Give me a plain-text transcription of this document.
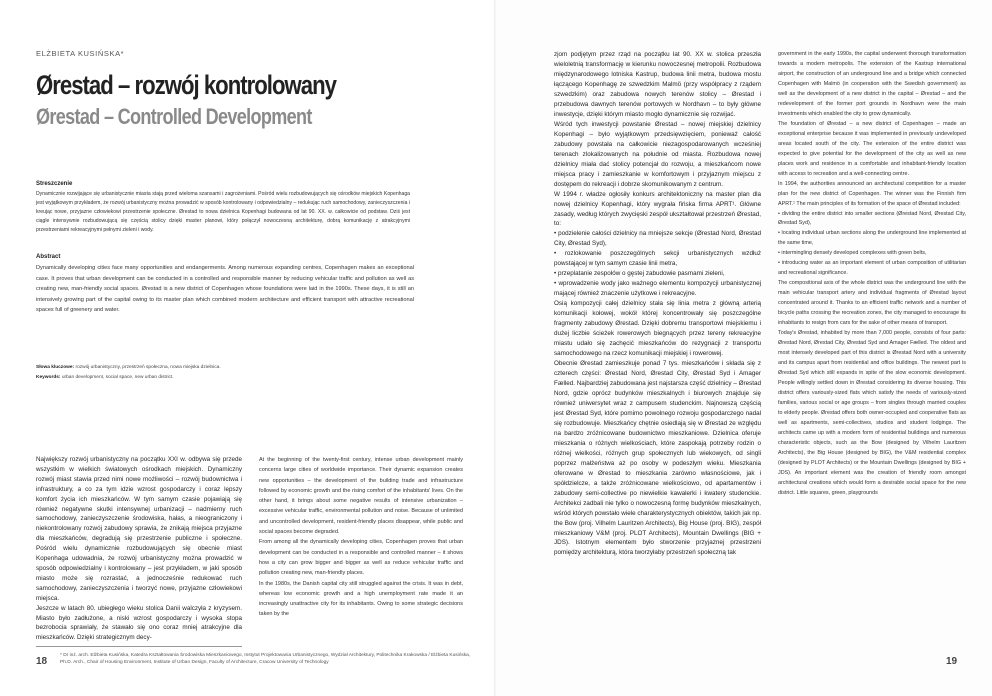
ELŻBIETA KUSIŃSKA*
Ørestad – rozwój kontrolowany
Ørestad – Controlled Development
Streszczenie
Dynamicznie rozwijające się urbanistycznie miasta stają przed wieloma szansami i zagrożeniami. Pośród wielu rozbudowujących się ośrodków miejskich Kopenhaga jest wyjątkowym przykładem, że rozwój urbanistyczny można prowadzić w sposób kontrolowany i odpowiedzialny – redukując ruch samochodowy, zanieczyszczenia i kreując nowe, przyjazne człowiekowi przestrzenie społeczne. Ørestad to nowa dzielnica Kopenhagi budowana od lat 90. XX. w. całkowicie od podstaw. Dziś jest ciągle intensywnie rozbudowującą się częścią stolicy dzięki master planowi, który połączył nowoczesną architekturę, dobrą komunikację z atrakcyjnymi przestrzeniami rekreacyjnymi pełnymi zieleni i wody.
Abstract
Dynamically developing cities face many opportunities and endangerments. Among numerous expanding centres, Copenhagen makes an exceptional case. It proves that urban development can be conducted in a controlled and responsible manner by reducing vehicular traffic and pollution as well as creating new, man-friendly social spaces. Ørestad is a new district of Copenhagen whose foundations were laid in the 1990s. These days, it is still an intensively growing part of the capital owing to its master plan which combined modern architecture and efficient transport with attractive recreational spaces full of greenery and water.
Słowa kluczowe: rozwój urbanistyczny, przestrzeń społeczna, nowa miejska dzielnica.
Keywords: urban development, social space, new urban district.

Największy rozwój urbanistyczny na początku XXI w. odbywa się przede wszystkim w wielkich światowych ośrodkach miejskich. Dynamiczny rozwój miast stawia przed nimi nowe możliwości – rozwój budownictwa i infrastruktury, a co za tym idzie wzrost gospodarczy i coraz lepszy komfort życia ich mieszkańców. W tym samym czasie pojawiają się również negatywne skutki intensywnej urbanizacji – nadmierny ruch samochodowy, zanieczyszczenie środowiska, hałas, a nieograniczony i niekontrolowany rozwój zabudowy sprawia, że znikają miejsca przyjazne dla mieszkańców, degradują się przestrzenie publiczne i społeczne. Pośród wielu dynamicznie rozbudowujących się obecnie miast Kopenhaga udowadnia, że rozwój urbanistyczny można prowadzić w sposób odpowiedzialny i kontrolowany – jest przykładem, w jaki sposób miasto może się rozrastać, a jednocześnie redukować ruch samochodowy, zanieczyszczenia i tworzyć nowe, przyjazne człowiekowi miejsca.
Jeszcze w latach 80. ubiegłego wieku stolica Danii walczyła z kryzysem. Miasto było zadłużone, a niski wzrost gospodarczy i wysoka stopa bezrobocia sprawiały, że stawało się ono coraz mniej atrakcyjne dla mieszkańców. Dzięki strategicznym decy-

At the beginning of the twenty-first century, intense urban development mainly concerns large cities of worldwide importance. Their dynamic expansion creates new opportunities – the development of the building trade and infrastructure followed by economic growth and the rising comfort of the inhabitants' lives. On the other hand, it brings about some negative results of intensive urbanization – excessive vehicular traffic, environmental pollution and noise. Because of unlimited and uncontrolled development, resident-friendly places disappear, while public and social spaces become degraded.
From among all the dynamically developing cities, Copenhagen proves that urban development can be conducted in a responsible and controlled manner – it shows how a city can grow bigger and bigger as well as reduce vehicular traffic and pollution creating new, man-friendly places.
In the 1980s, the Danish capital city still struggled against the crisis. It was in debt, whereas low economic growth and a high unemployment rate made it an increasingly unattractive city for its inhabitants. Owing to some strategic decisions taken by the

* Dr inż. arch. Elżbieta Kusińska, Katedra Kształtowania Środowiska Mieszkaniowego, Instytut Projektowania Urbanistycznego, Wydział Architektury, Politechnika Krakowska / Elżbieta Kusińska, Ph.D. Arch., Chair of Housing Environment, Institute of Urban Design, Faculty of Architecture, Cracow University of Technology
18

zjom podjętym przez rząd na początku lat 90. XX w. stolica przeszła wieloletnią transformację w kierunku nowoczesnej metropolii. Rozbudowa międzynarodowego lotniska Kastrup, budowa linii metra, budowa mostu łączącego Kopenhagę ze szwedzkim Malmö (przy współpracy z rządem szwedzkim) oraz zabudowa nowych terenów stolicy – Ørestad i przebudowa dawnych terenów portowych w Nordhavn – to były główne inwestycje, dzięki którym miasto mogło dynamicznie się rozwijać.
Wśród tych inwestycji powstanie Ørestad – nowej miejskiej dzielnicy Kopenhagi – było wyjątkowym przedsięwzięciem, ponieważ całość zabudowy powstała na całkowicie niezagospodarowanych wcześniej terenach zlokalizowanych na południe od miasta. Rozbudowa nowej dzielnicy miała dać stolicy potencjał do rozwoju, a mieszkańcom nowe miejsca pracy i zamieszkanie w komfortowym i przyjaznym miejscu z dostępem do rekreacji i dobrze skomunikowanym z centrum.
W 1994 r. władze ogłosiły konkurs architektoniczny na master plan dla nowej dzielnicy Kopenhagi, który wygrała fińska firma APRT¹. Główne zasady, według których zwycięski zespół ukształtował przestrzeń Ørestad, to:
• podzielenie całości dzielnicy na mniejsze sekcje (Ørestad Nord, Ørestad City, Ørestad Syd),
• rozlokowanie poszczególnych sekcji urbanistycznych wzdłuż powstającej w tym samym czasie linii metra,
• przeplatanie zespołów o gęstej zabudowie pasmami zieleni,
• wprowadzenie wody jako ważnego elementu kompozycji urbanistycznej mającej również znaczenie użytkowe i rekreacyjne.
Osią kompozycji całej dzielnicy stała się linia metra z główną arterią komunikacji kołowej, wokół której koncentrowały się poszczególne fragmenty zabudowy Ørestad. Dzięki dobremu transportowi miejskiemu i dużej liczbie ścieżek rowerowych biegnących przez tereny rekreacyjne miastu udało się zachęcić mieszkańców do rezygnacji z transportu samochodowego na rzecz komunikacji miejskiej i rowerowej.
Obecnie Ørestad zamieszkuje ponad 7 tys. mieszkańców i składa się z czterech części: Ørestad Nord, Ørestad City, Ørestad Syd i Amager Fælled. Najbardziej zabudowana jest najstarsza część dzielnicy – Ørestad Nord, gdzie oprócz budynków mieszkalnych i biurowych znajduje się również uniwersytet wraz z campusem studenckim. Najnowszą częścią jest Ørestad Syd, które pomimo powolnego rozwoju gospodarczego nadal się rozbudowuje. Mieszkańcy chętnie osiedlają się w Ørestad ze względu na bardzo zróżnicowane budownictwo mieszkaniowe. Dzielnica oferuje mieszkania o różnych wielkościach, które zaspokają potrzeby rodzin o różnej wielkości, różnych grup społecznych lub wiekowych, od singli poprzez małżeństwa aż po osoby w podeszłym wieku. Mieszkania oferowane w Ørestad to mieszkania zarówno własnościowe, jak i spółdzielcze, a także zróżnicowane wielkościowo, od apartamentów i zabudowy semi-collective po niewielkie kawalerki i kwatery studenckie. Architekci zadbali nie tylko o nowoczesną formę budynków mieszkalnych, wśród których powstało wiele charakterystycznych obiektów, takich jak np. the Bow (proj. Vilhelm Lauritzen Architects), Big House (proj. BIG), zespół mieszkaniowy V&M (proj. PLOT Architects), Mountain Dwellings (BIG + JDS). Istotnym elementem było stworzenie przyjaznej przestrzeni pomiędzy architekturą, która tworzyłaby przestrzeń społeczną tak

government in the early 1990s, the capital underwent thorough transformation towards a modern metropolis. The extension of the Kastrup international airport, the construction of an underground line and a bridge which connected Copenhagen with Malmö (in cooperation with the Swedish government) as well as the development of a new district in the capital – Ørestad – and the redevelopment of the former port grounds in Nordhavn were the main investments which enabled the city to grow dynamically.
The foundation of Ørestad – a new district of Copenhagen – made an exceptional enterprise because it was implemented in previously undeveloped areas located south of the city. The extension of the entire district was expected to give potential for the development of the city as well as new places work and residence in a comfortable and inhabitant-friendly location with access to recreation and a well-connecting centre.
In 1994, the authorities announced an architectural competition for a master plan for the new district of Copenhagen. The winner was the Finnish firm APRT.¹ The main principles of its formation of the space of Ørestad included:
• dividing the entire district into smaller sections (Ørestad Nord, Ørestad City, Ørestad Syd),
• locating individual urban sections along the underground line implemented at the same time,
• intermingling densely developed complexes with green belts,
• introducing water as an important element of urban composition of utilitarian and recreational significance.
The compositional axis of the whole district was the underground line with the main vehicular transport artery and individual fragments of Ørestad layout concentrated around it. Thanks to an efficient traffic network and a number of bicycle paths crossing the recreation zones, the city managed to encourage its inhabitants to resign from cars for the sake of other means of transport.
Today's Ørestad, inhabited by more than 7,000 people, consists of four parts: Ørestad Nord, Ørestad City, Ørestad Syd and Amager Fælled. The oldest and most intensely developed part of this district is Ørestad Nord with a university and its campus apart from residential and office buildings. The newest part is Ørestad Syd which still expands in spite of the slow economic development. People willingly settled down in Ørestad considering its diverse housing. This district offers variously-sized flats which satisfy the needs of variously-sized families, various social or age groups – from singles through married couples to elderly people. Ørestad offers both owner-occupied and cooperative flats as well as apartments, semi-collectives, studios and student lodgings. The architects came up with a modern form of residential buildings and numerous characteristic objects, such as the Bow (designed by Vilhelm Lauritzen Architects), the Big House (designed by BIG), the V&M residential complex (designed by PLOT Architects) or the Mountain Dwellings (designed by BIG + JDS). An important element was the creation of friendly room amongst architectural creations which would form a desirable social space for the new district. Little squares, green, playgrounds

19
